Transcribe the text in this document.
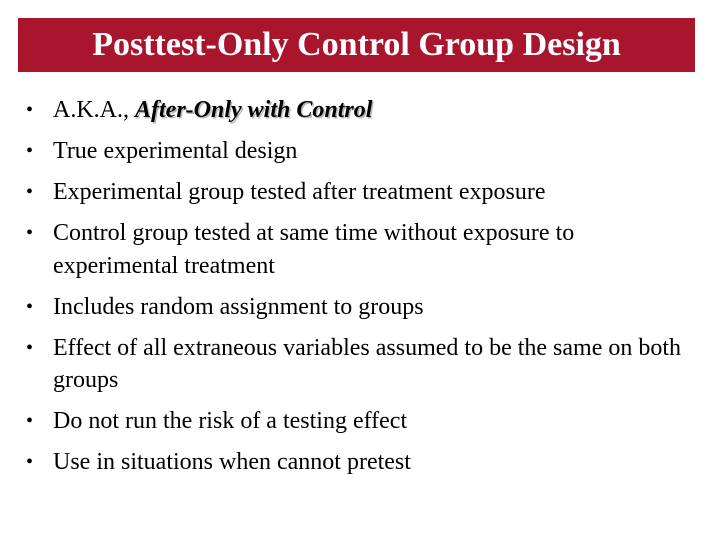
Posttest-Only Control Group Design
• A.K.A., After-Only with Control
• True experimental design
• Experimental group tested after treatment exposure
• Control group tested at same time without exposure to experimental treatment
• Includes random assignment to groups
• Effect of all extraneous variables assumed to be the same on both groups
• Do not run the risk of a testing effect
• Use in situations when cannot pretest
